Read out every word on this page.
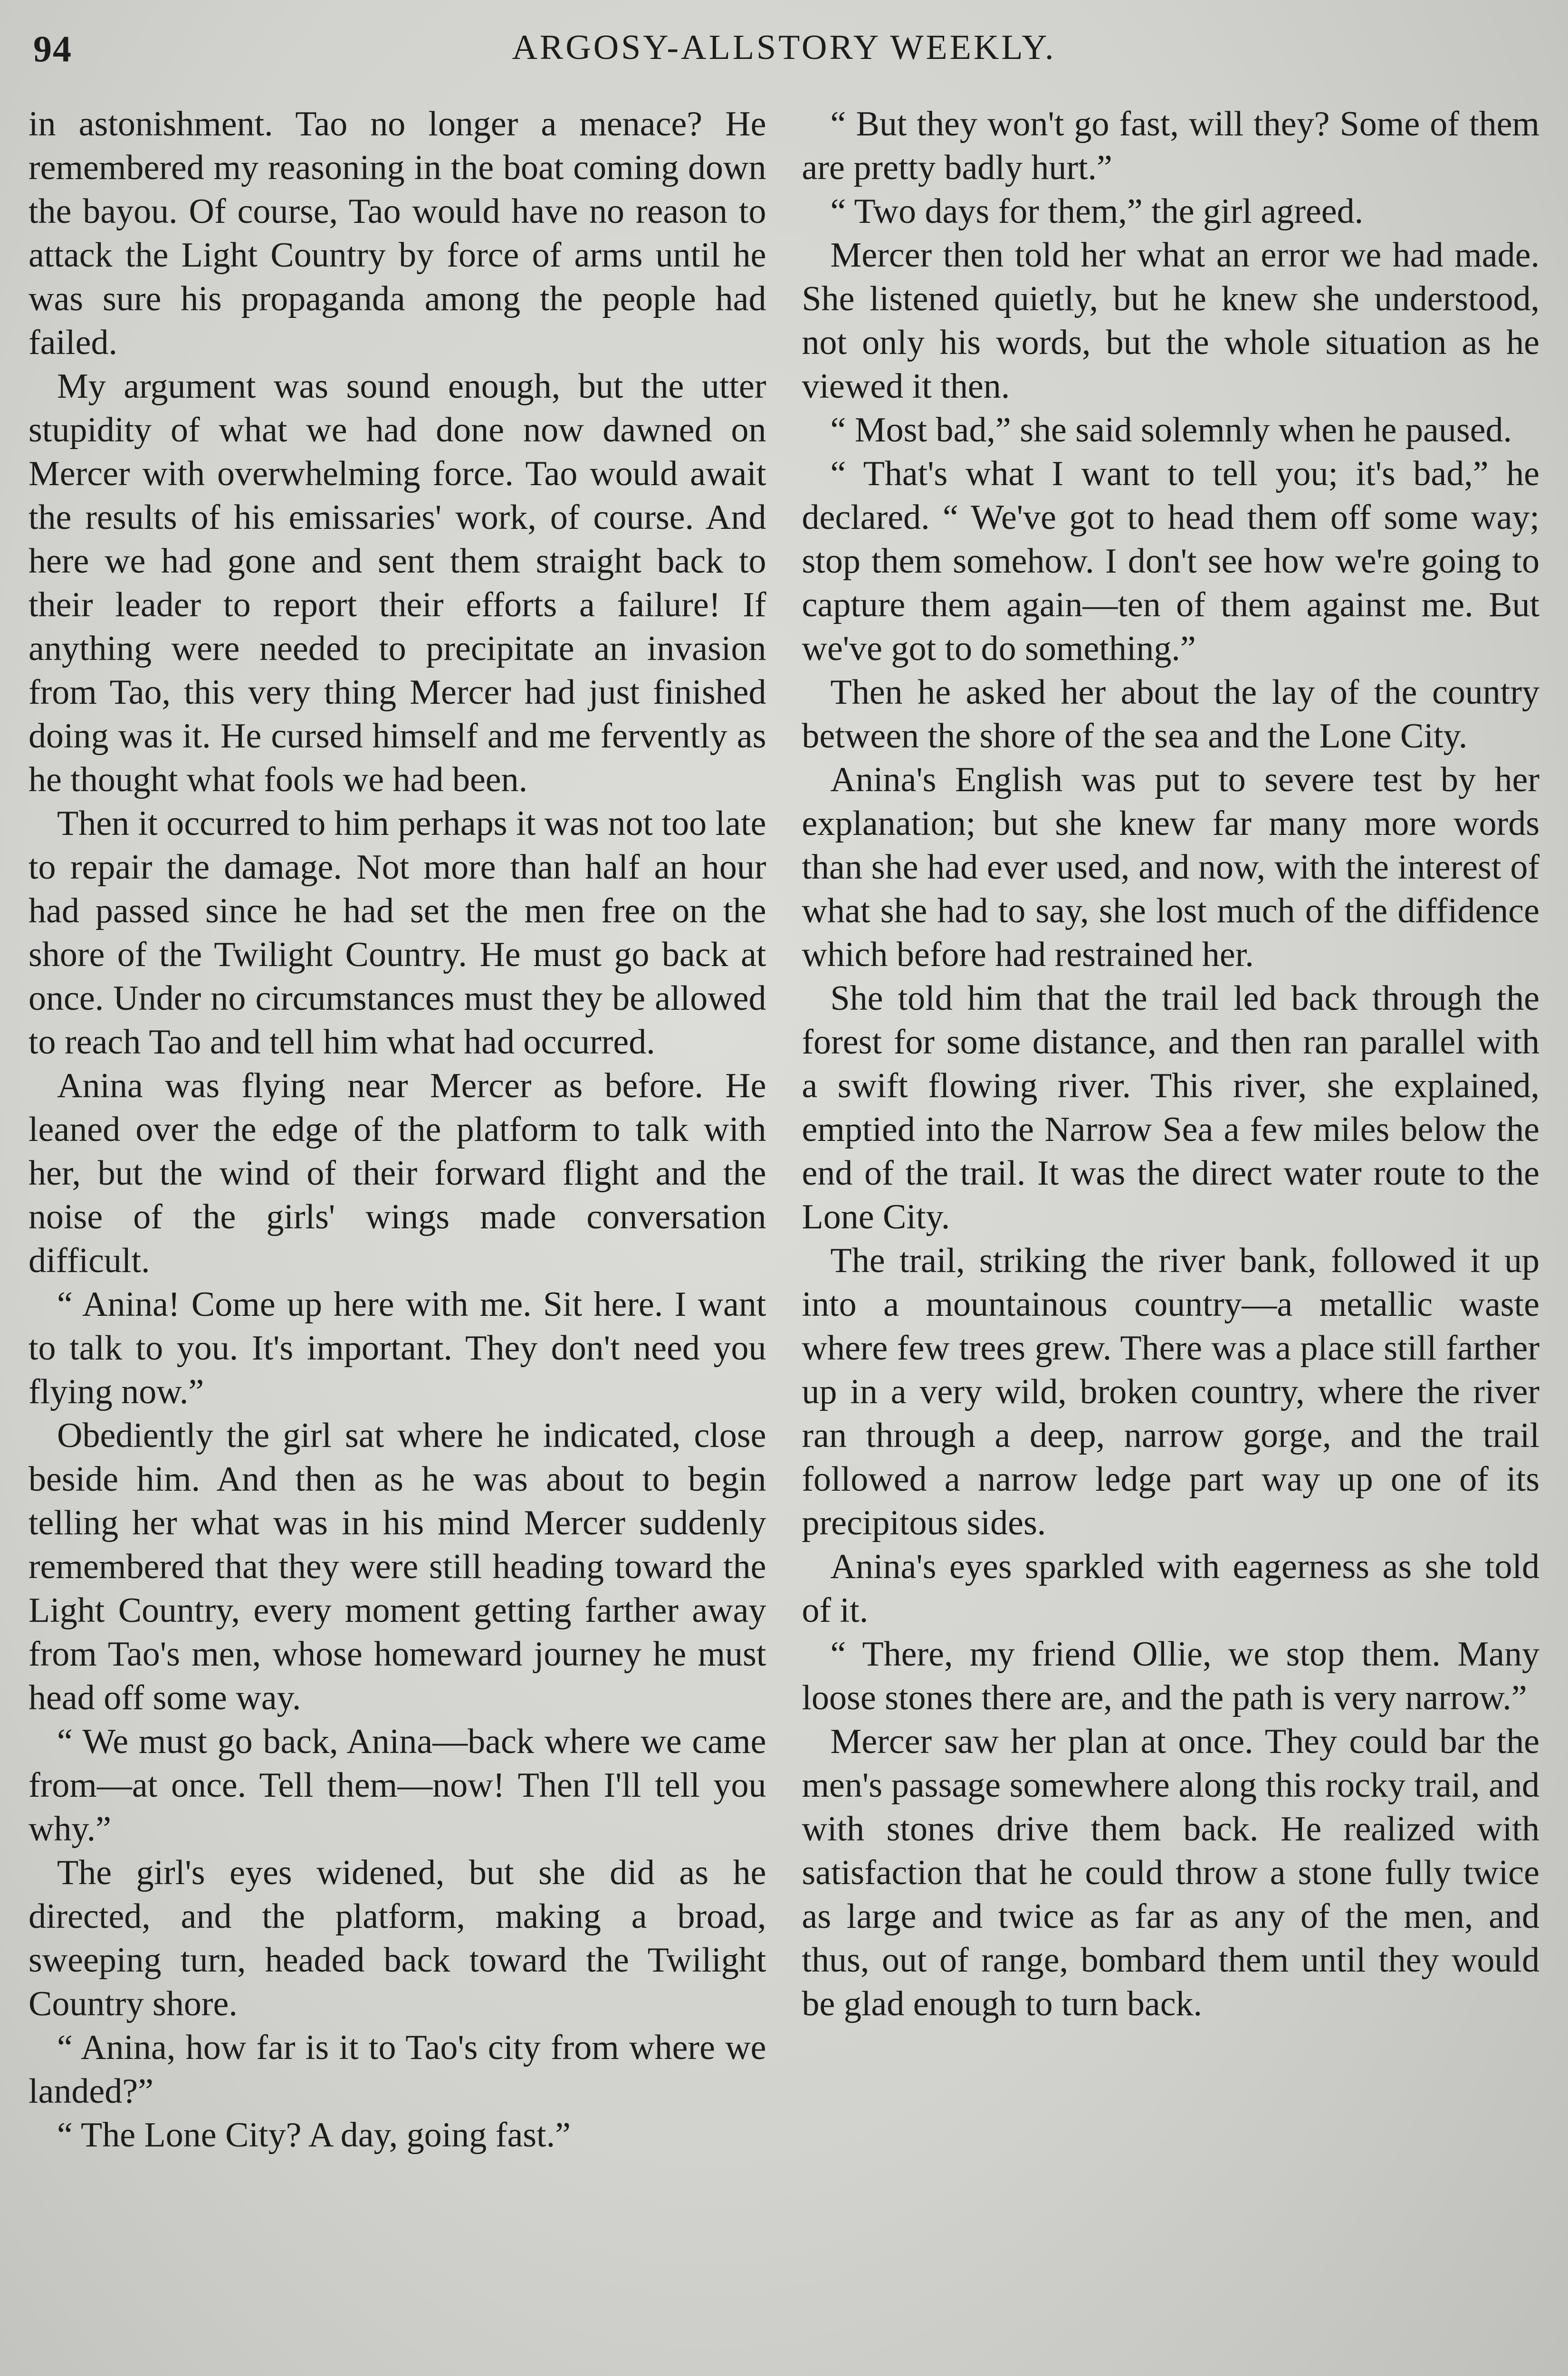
94	ARGOSY-ALLSTORY WEEKLY.

in astonishment. Tao no longer a menace? He remembered my reasoning in the boat coming down the bayou. Of course, Tao would have no reason to attack the Light Country by force of arms until he was sure his propaganda among the people had failed.

My argument was sound enough, but the utter stupidity of what we had done now dawned on Mercer with overwhelming force. Tao would await the results of his emissaries' work, of course. And here we had gone and sent them straight back to their leader to report their efforts a failure! If anything were needed to precipitate an invasion from Tao, this very thing Mercer had just finished doing was it. He cursed himself and me fervently as he thought what fools we had been.

Then it occurred to him perhaps it was not too late to repair the damage. Not more than half an hour had passed since he had set the men free on the shore of the Twilight Country. He must go back at once. Under no circumstances must they be allowed to reach Tao and tell him what had occurred.

Anina was flying near Mercer as before. He leaned over the edge of the platform to talk with her, but the wind of their forward flight and the noise of the girls' wings made conversation difficult.

“ Anina! Come up here with me. Sit here. I want to talk to you. It's important. They don't need you flying now.”

Obediently the girl sat where he indicated, close beside him. And then as he was about to begin telling her what was in his mind Mercer suddenly remembered that they were still heading toward the Light Country, every moment getting farther away from Tao's men, whose homeward journey he must head off some way.

“ We must go back, Anina—back where we came from—at once. Tell them—now! Then I'll tell you why.”

The girl's eyes widened, but she did as he directed, and the platform, making a broad, sweeping turn, headed back toward the Twilight Country shore.

“ Anina, how far is it to Tao's city from where we landed?”

“ The Lone City? A day, going fast.”

“ But they won't go fast, will they? Some of them are pretty badly hurt.”

“ Two days for them,” the girl agreed.

Mercer then told her what an error we had made. She listened quietly, but he knew she understood, not only his words, but the whole situation as he viewed it then.

“ Most bad,” she said solemnly when he paused.

“ That's what I want to tell you; it's bad,” he declared. “ We've got to head them off some way; stop them somehow. I don't see how we're going to capture them again—ten of them against me. But we've got to do something.”

Then he asked her about the lay of the country between the shore of the sea and the Lone City.

Anina's English was put to severe test by her explanation; but she knew far many more words than she had ever used, and now, with the interest of what she had to say, she lost much of the diffidence which before had restrained her.

She told him that the trail led back through the forest for some distance, and then ran parallel with a swift flowing river. This river, she explained, emptied into the Narrow Sea a few miles below the end of the trail. It was the direct water route to the Lone City.

The trail, striking the river bank, followed it up into a mountainous country—a metallic waste where few trees grew. There was a place still farther up in a very wild, broken country, where the river ran through a deep, narrow gorge, and the trail followed a narrow ledge part way up one of its precipitous sides.

Anina's eyes sparkled with eagerness as she told of it.

“ There, my friend Ollie, we stop them. Many loose stones there are, and the path is very narrow.”

Mercer saw her plan at once. They could bar the men's passage somewhere along this rocky trail, and with stones drive them back. He realized with satisfaction that he could throw a stone fully twice as large and twice as far as any of the men, and thus, out of range, bombard them until they would be glad enough to turn back.
